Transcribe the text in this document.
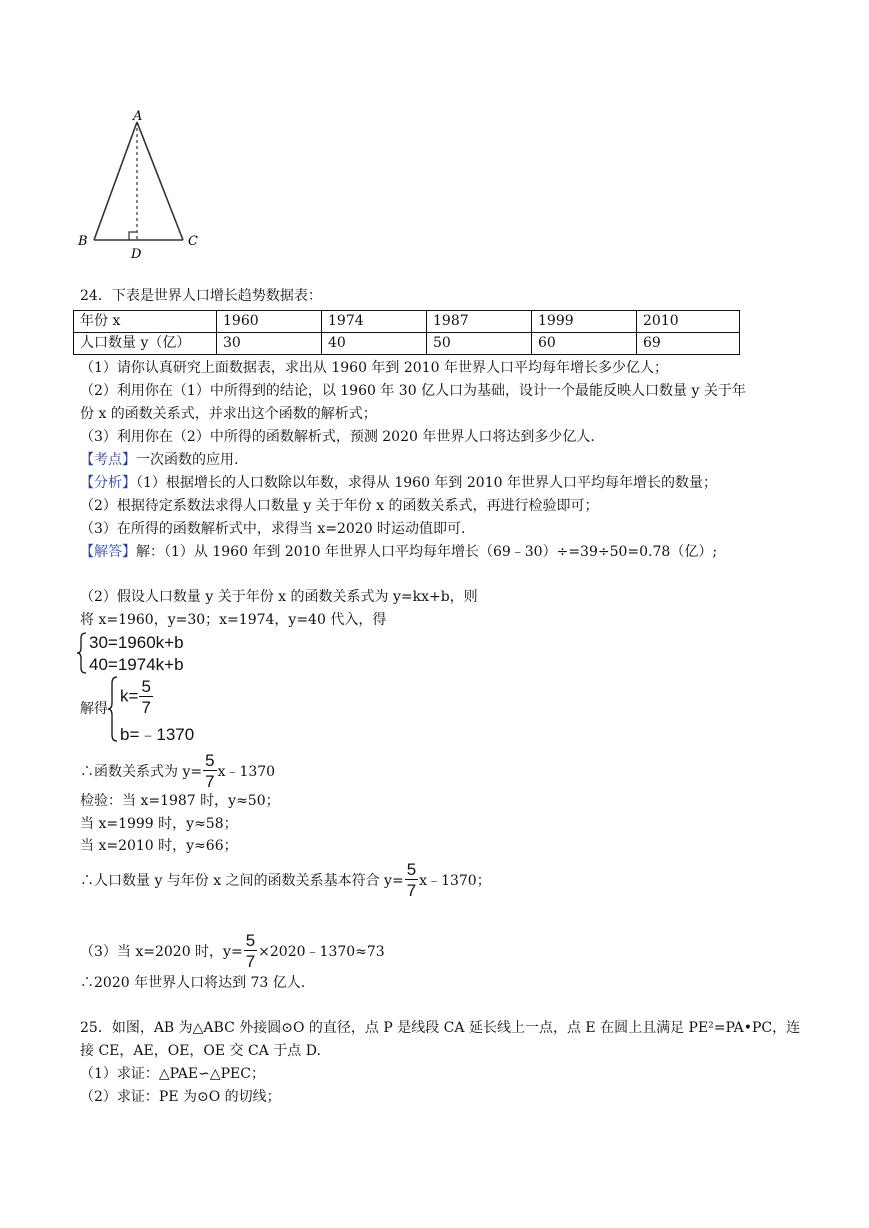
A
B	C
D
24．下表是世界人口增长趋势数据表：
年份 x	1960	1974	1987	1999	2010
人口数量 y（亿）	30	40	50	60	69
（1）请你认真研究上面数据表，求出从 1960 年到 2010 年世界人口平均每年增长多少亿人；
（2）利用你在（1）中所得到的结论，以 1960 年 30 亿人口为基础，设计一个最能反映人口数量 y 关于年
份 x 的函数关系式，并求出这个函数的解析式；
（3）利用你在（2）中所得的函数解析式，预测 2020 年世界人口将达到多少亿人.
【考点】一次函数的应用.
【分析】（1）根据增长的人口数除以年数，求得从 1960 年到 2010 年世界人口平均每年增长的数量；
（2）根据待定系数法求得人口数量 y 关于年份 x 的函数关系式，再进行检验即可；
（3）在所得的函数解析式中，求得当 x=2020 时运动值即可.
【解答】解：（1）从 1960 年到 2010 年世界人口平均每年增长（69﹣30）÷=39÷50=0.78（亿）;
（2）假设人口数量 y 关于年份 x 的函数关系式为 y=kx+b，则
将 x=1960，y=30；x=1974，y=40 代入，得
30=1960k+b
40=1974k+b
解得
$k= \frac{5}{7}$
b=﹣1370
∴函数关系式为 $y= \frac{5}{7}$ x﹣1370
检验：当 x=1987 时，y≈50；
当 x=1999 时，y≈58；
当 x=2010 时，y≈66；
∴人口数量 y 与年份 x 之间的函数关系基本符合 $y= \frac{5}{7}$ x﹣1370；
（3）当 x=2020 时，$y= \frac{5}{7}$ ×2020﹣1370≈73
∴2020 年世界人口将达到 73 亿人.
25．如图，AB 为△ABC 外接圆⊙O 的直径，点 P 是线段 CA 延长线上一点，点 E 在圆上且满足 PE²=PA•PC，连
接 CE，AE，OE，OE 交 CA 于点 D.
（1）求证：△PAE∽△PEC；
（2）求证：PE 为⊙O 的切线；
